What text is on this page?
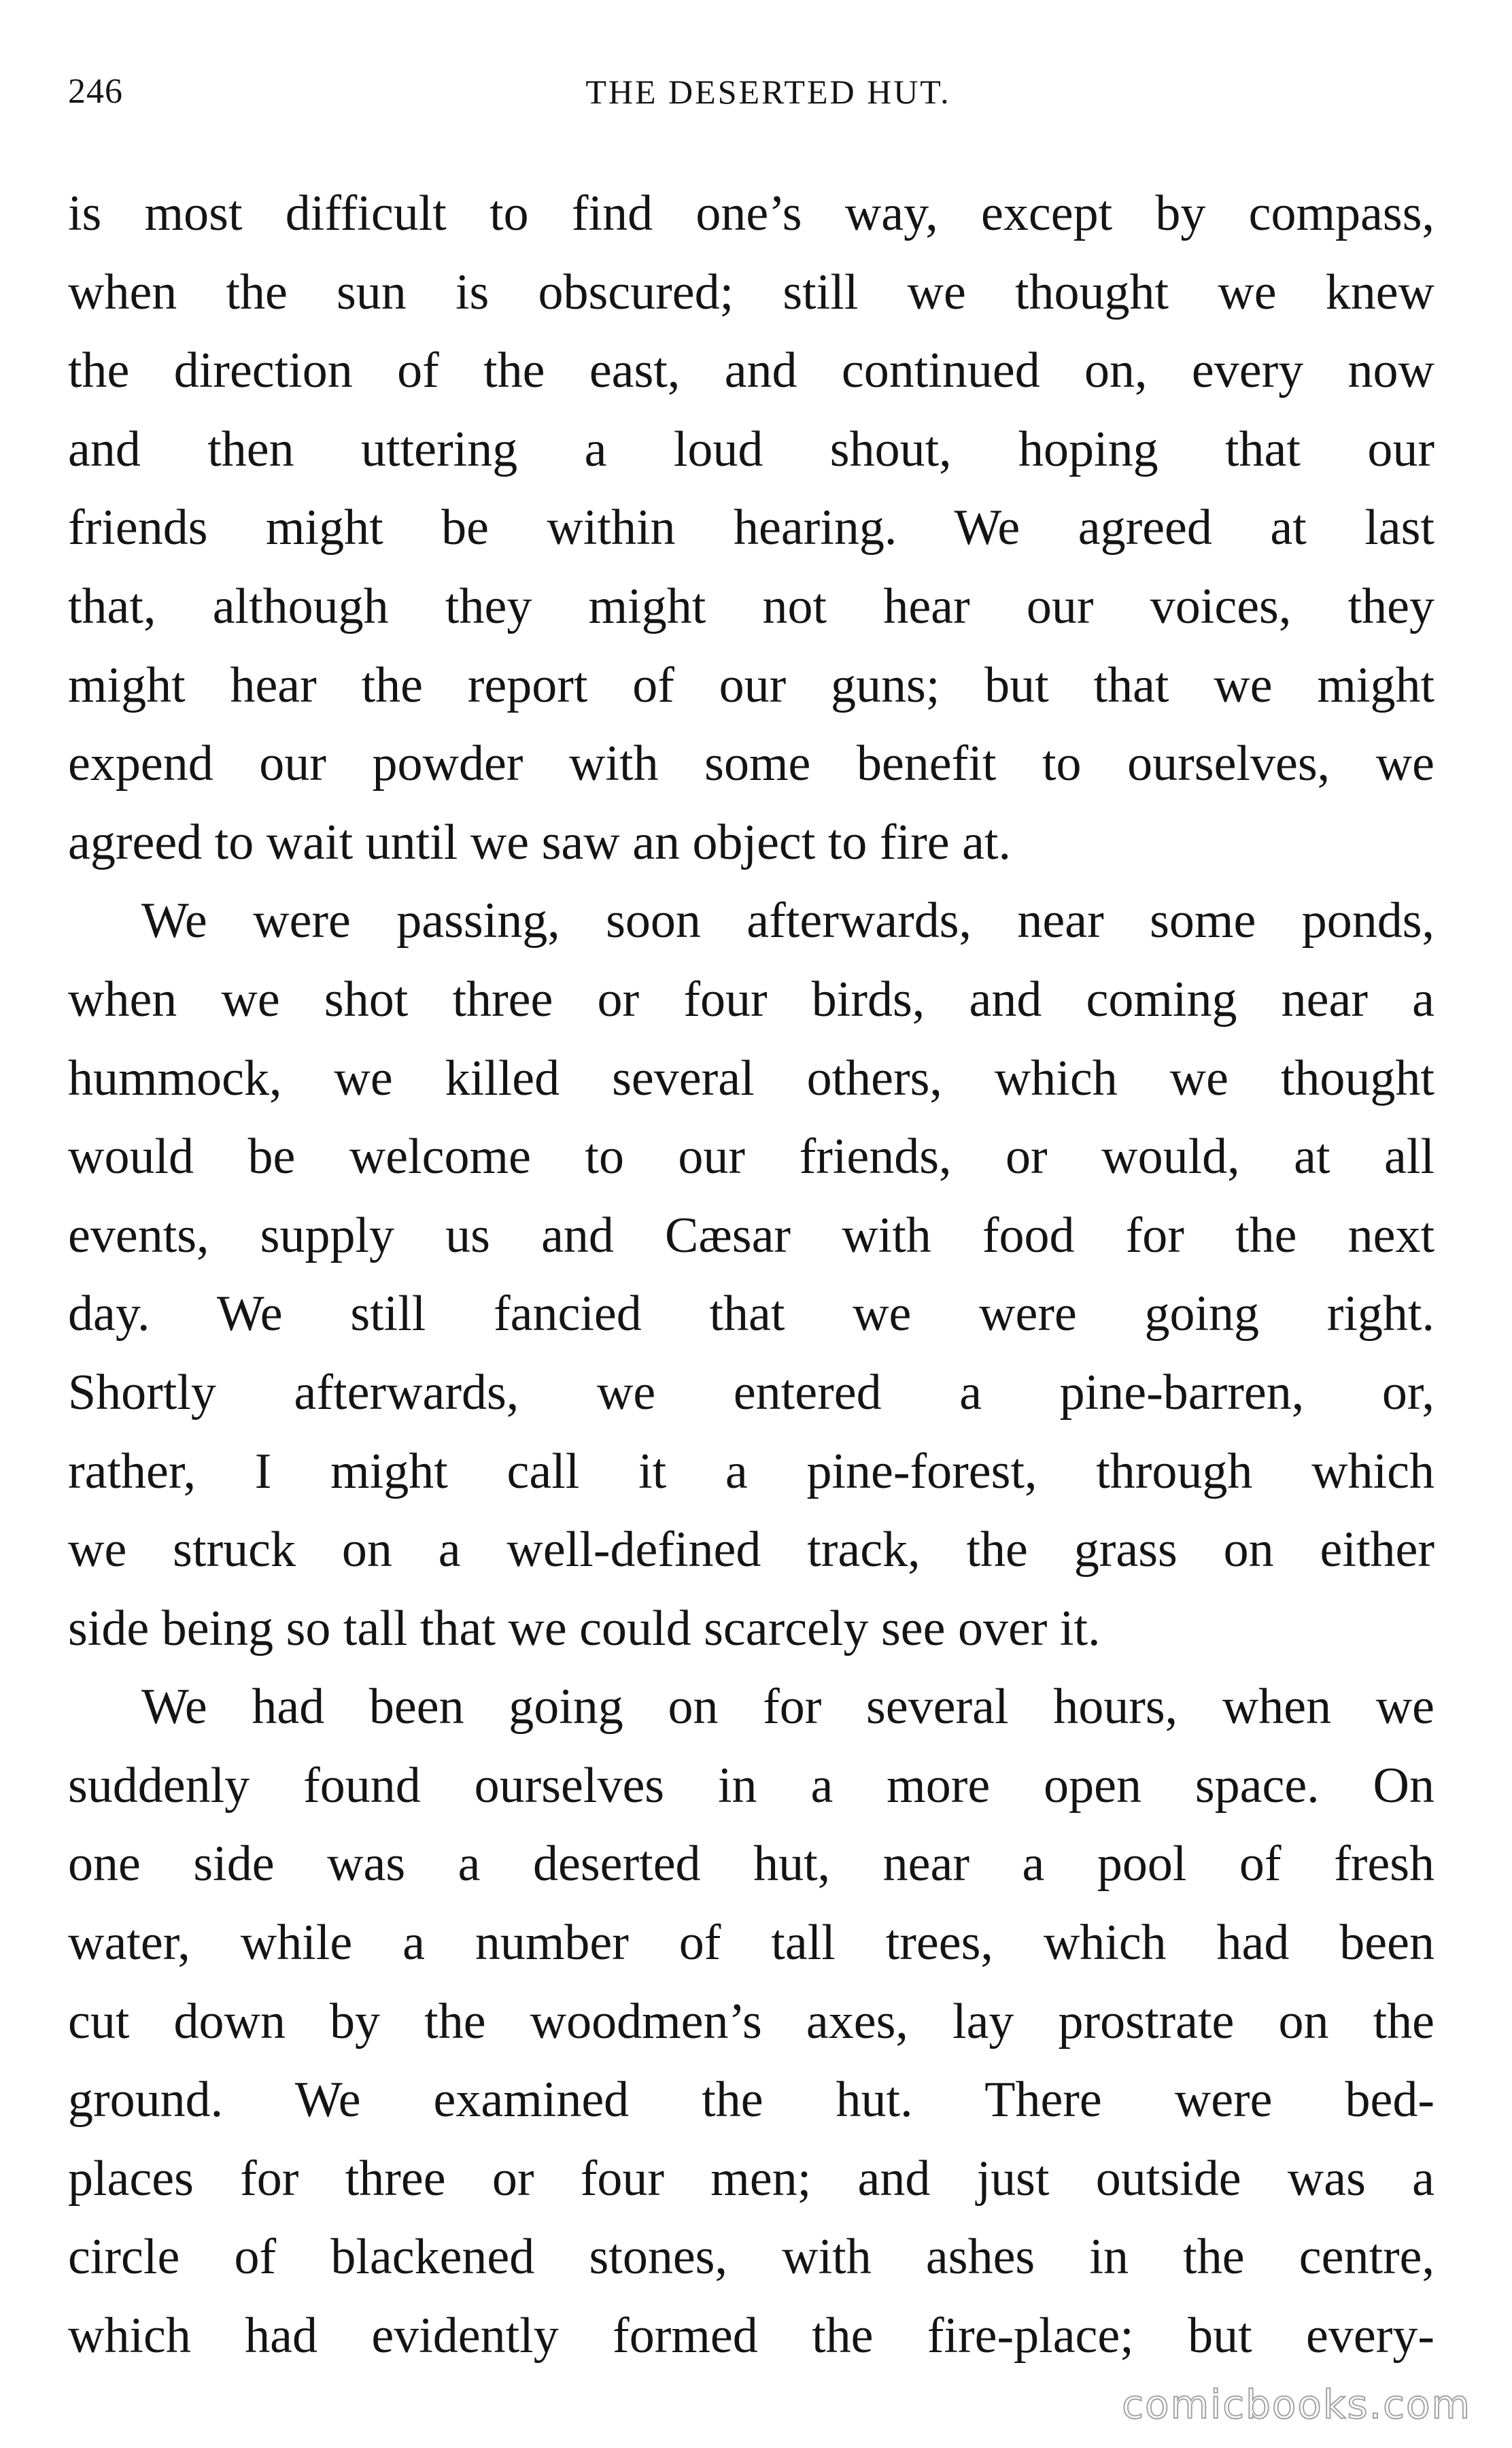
246	THE DESERTED HUT.
is most difficult to find one’s way, except by compass,
when the sun is obscured; still we thought we knew
the direction of the east, and continued on, every now
and then uttering a loud shout, hoping that our
friends might be within hearing. We agreed at last
that, although they might not hear our voices, they
might hear the report of our guns; but that we might
expend our powder with some benefit to ourselves, we
agreed to wait until we saw an object to fire at.
We were passing, soon afterwards, near some ponds,
when we shot three or four birds, and coming near a
hummock, we killed several others, which we thought
would be welcome to our friends, or would, at all
events, supply us and Cæsar with food for the next
day. We still fancied that we were going right.
Shortly afterwards, we entered a pine-barren, or,
rather, I might call it a pine-forest, through which
we struck on a well-defined track, the grass on either
side being so tall that we could scarcely see over it.
We had been going on for several hours, when we
suddenly found ourselves in a more open space. On
one side was a deserted hut, near a pool of fresh
water, while a number of tall trees, which had been
cut down by the woodmen’s axes, lay prostrate on the
ground. We examined the hut. There were bed-
places for three or four men; and just outside was a
circle of blackened stones, with ashes in the centre,
which had evidently formed the fire-place; but every-
comicbooks.com
